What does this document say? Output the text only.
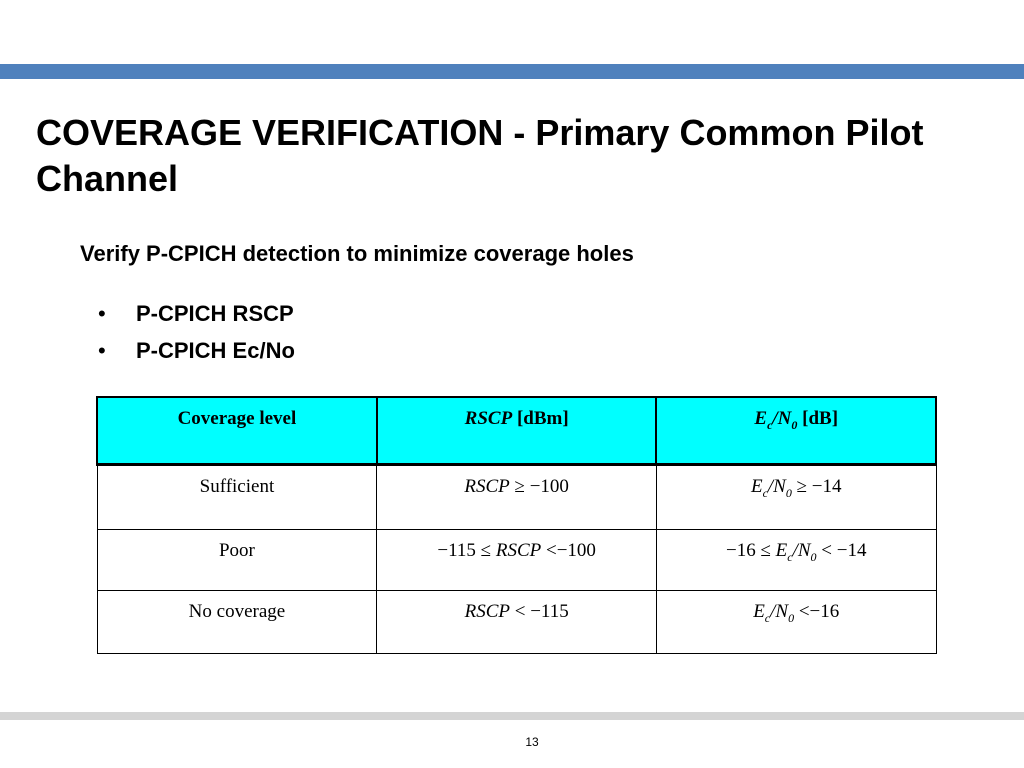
COVERAGE VERIFICATION - Primary Common Pilot Channel

Verify P-CPICH detection to minimize coverage holes

•	P-CPICH RSCP
•	P-CPICH Ec/No
Coverage level	RSCP [dBm]	$E_c/N_0$ [dB]
Sufficient	RSCP ≥ −100	$E_c/N_0 \ge -14$
Poor	−115 ≤ RSCP <−100	$-16 \le E_c/N_0 < -14$
No coverage	RSCP < −115	$E_c/N_0 <-16$
13
